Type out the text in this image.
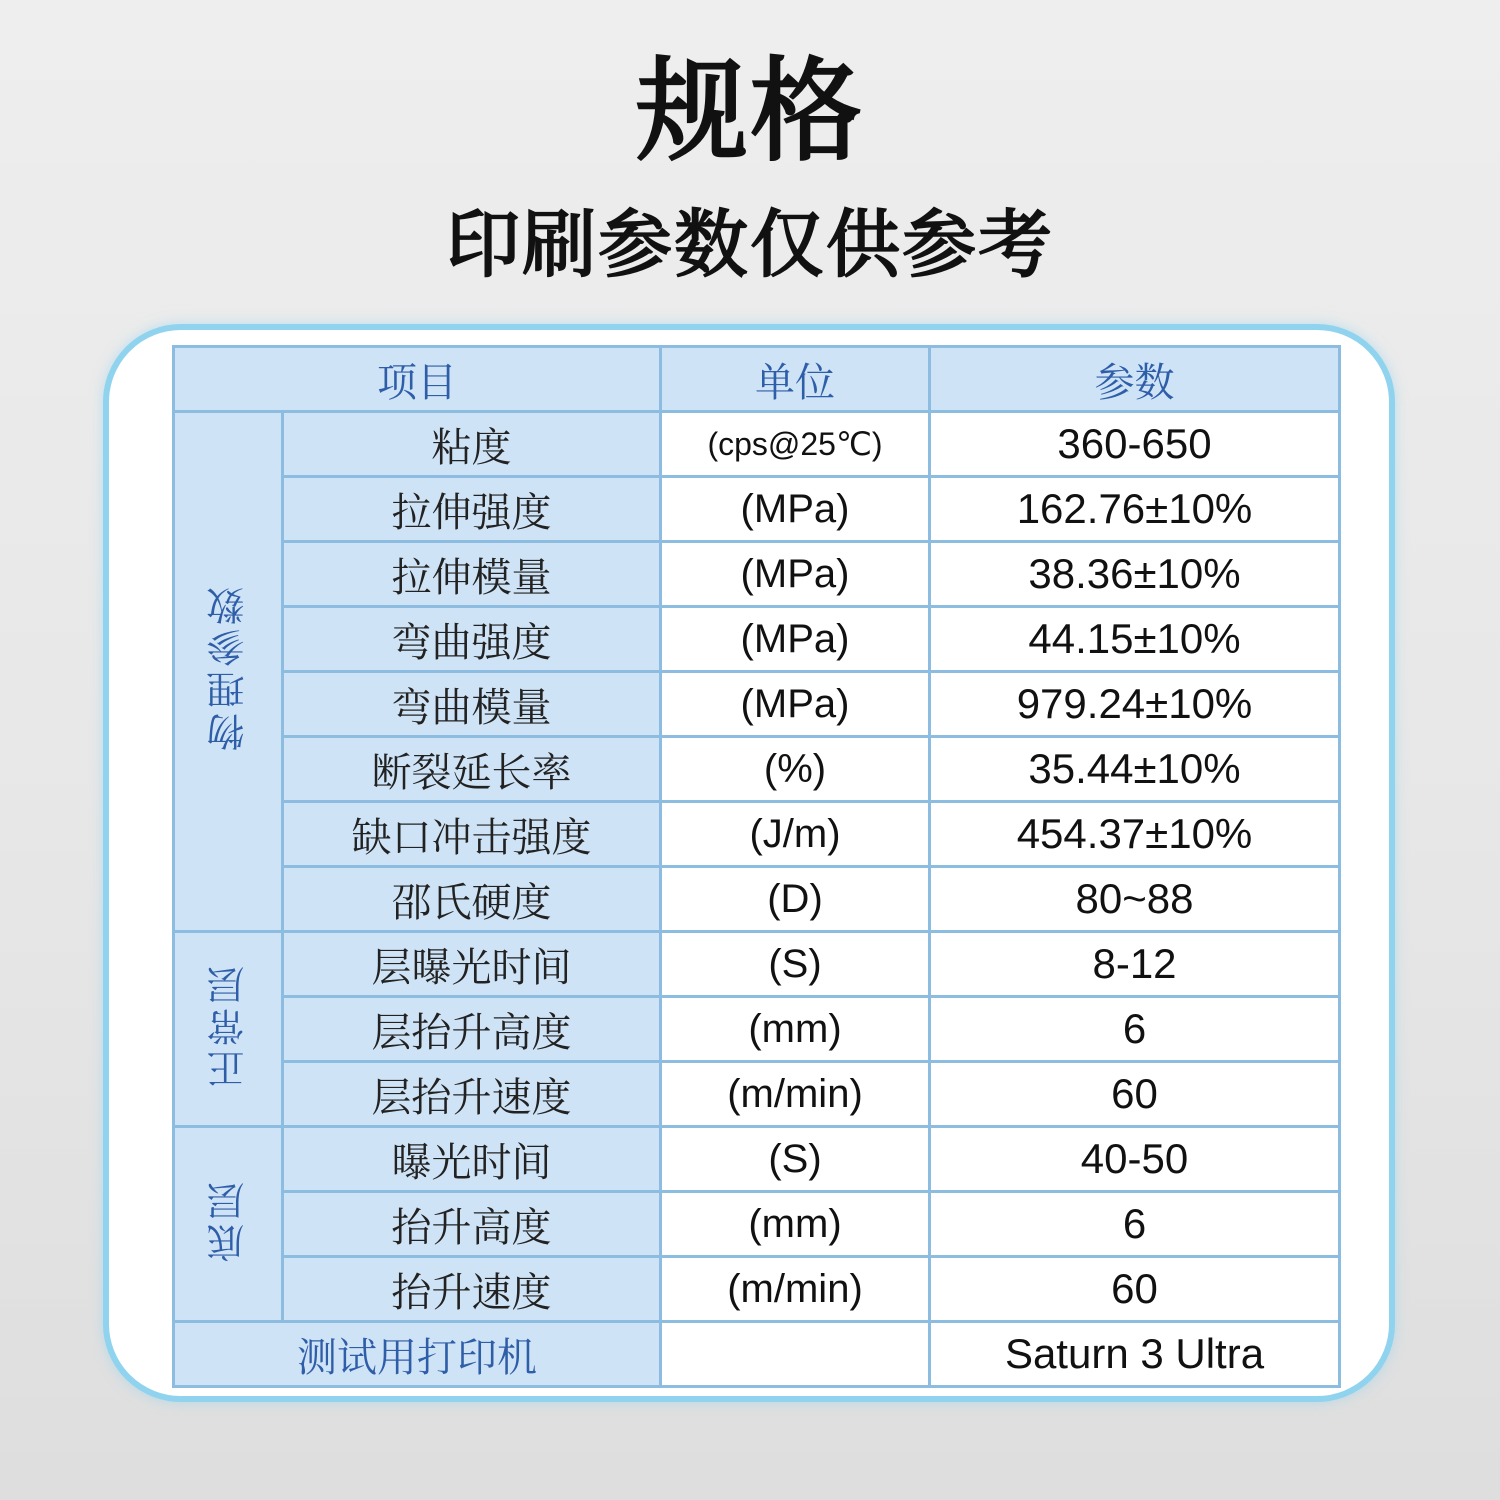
规格
印刷参数仅供参考
项目		单位	参数
物理参数	粘度	(cps@25℃)	360-650
	拉伸强度	(MPa)	162.76±10%
	拉伸模量	(MPa)	38.36±10%
	弯曲强度	(MPa)	44.15±10%
	弯曲模量	(MPa)	979.24±10%
	断裂延长率	(%)	35.44±10%
	缺口冲击强度	(J/m)	454.37±10%
	邵氏硬度	(D)	80~88
正常层	层曝光时间	(S)	8-12
	层抬升高度	(mm)	6
	层抬升速度	(m/min)	60
底层	曝光时间	(S)	40-50
	抬升高度	(mm)	6
	抬升速度	(m/min)	60
测试用打印机			Saturn 3 Ultra
